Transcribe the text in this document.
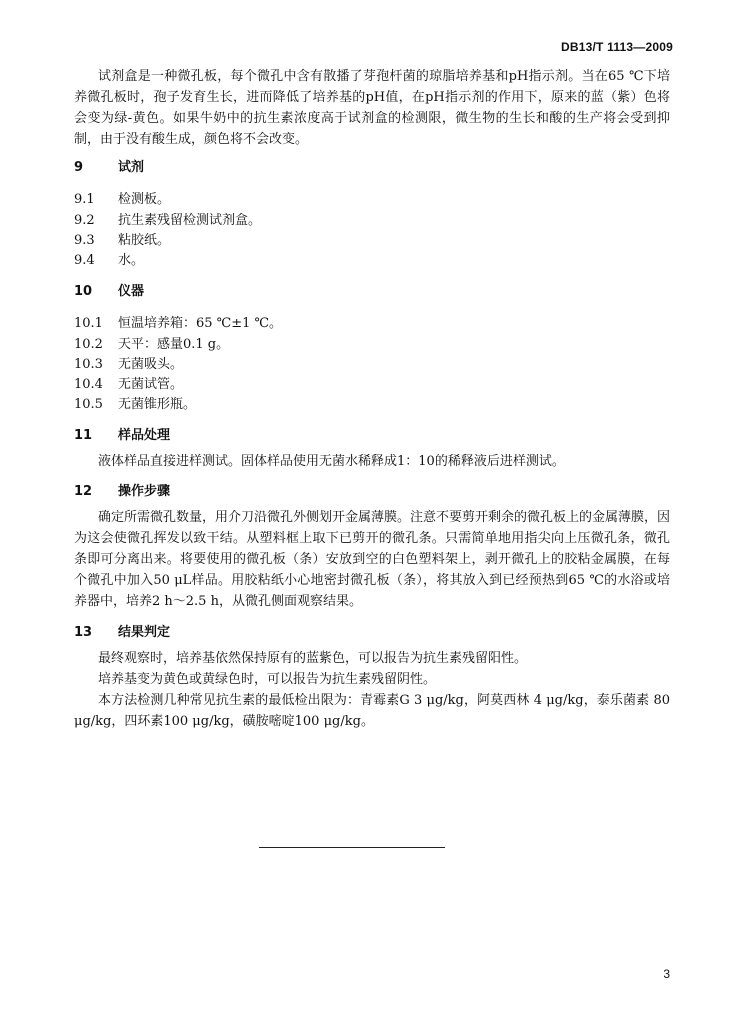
DB13/T 1113—2009

试剂盒是一种微孔板，每个微孔中含有散播了芽孢杆菌的琼脂培养基和pH指示剂。当在65 ℃下培养微孔板时，孢子发育生长，进而降低了培养基的pH值，在pH指示剂的作用下，原来的蓝（紫）色将会变为绿-黄色。如果牛奶中的抗生素浓度高于试剂盒的检测限，微生物的生长和酸的生产将会受到抑制，由于没有酸生成，颜色将不会改变。

9	试剂
9.1 检测板。
9.2 抗生素残留检测试剂盒。
9.3 粘胶纸。
9.4 水。
10 仪器
10.1 恒温培养箱：65 ℃±1 ℃。
10.2 天平：感量0.1 g。
10.3 无菌吸头。
10.4 无菌试管。
10.5 无菌锥形瓶。
11 样品处理

液体样品直接进样测试。固体样品使用无菌水稀释成1：10的稀释液后进样测试。

12 操作步骤

确定所需微孔数量，用介刀沿微孔外侧划开金属薄膜。注意不要剪开剩余的微孔板上的金属薄膜，因为这会使微孔挥发以致干结。从塑料框上取下已剪开的微孔条。只需简单地用指尖向上压微孔条，微孔条即可分离出来。将要使用的微孔板（条）安放到空的白色塑料架上，剥开微孔上的胶粘金属膜，在每个微孔中加入50 μL样品。用胶粘纸小心地密封微孔板（条），将其放入到已经预热到65 ℃的水浴或培养器中，培养2 h～2.5 h，从微孔侧面观察结果。

13 结果判定

最终观察时，培养基依然保持原有的蓝紫色，可以报告为抗生素残留阳性。

培养基变为黄色或黄绿色时，可以报告为抗生素残留阴性。

本方法检测几种常见抗生素的最低检出限为：青霉素G 3 μg/kg，阿莫西林 4 μg/kg，泰乐菌素 80 μg/kg，四环素100 μg/kg，磺胺嘧啶100 μg/kg。

3
